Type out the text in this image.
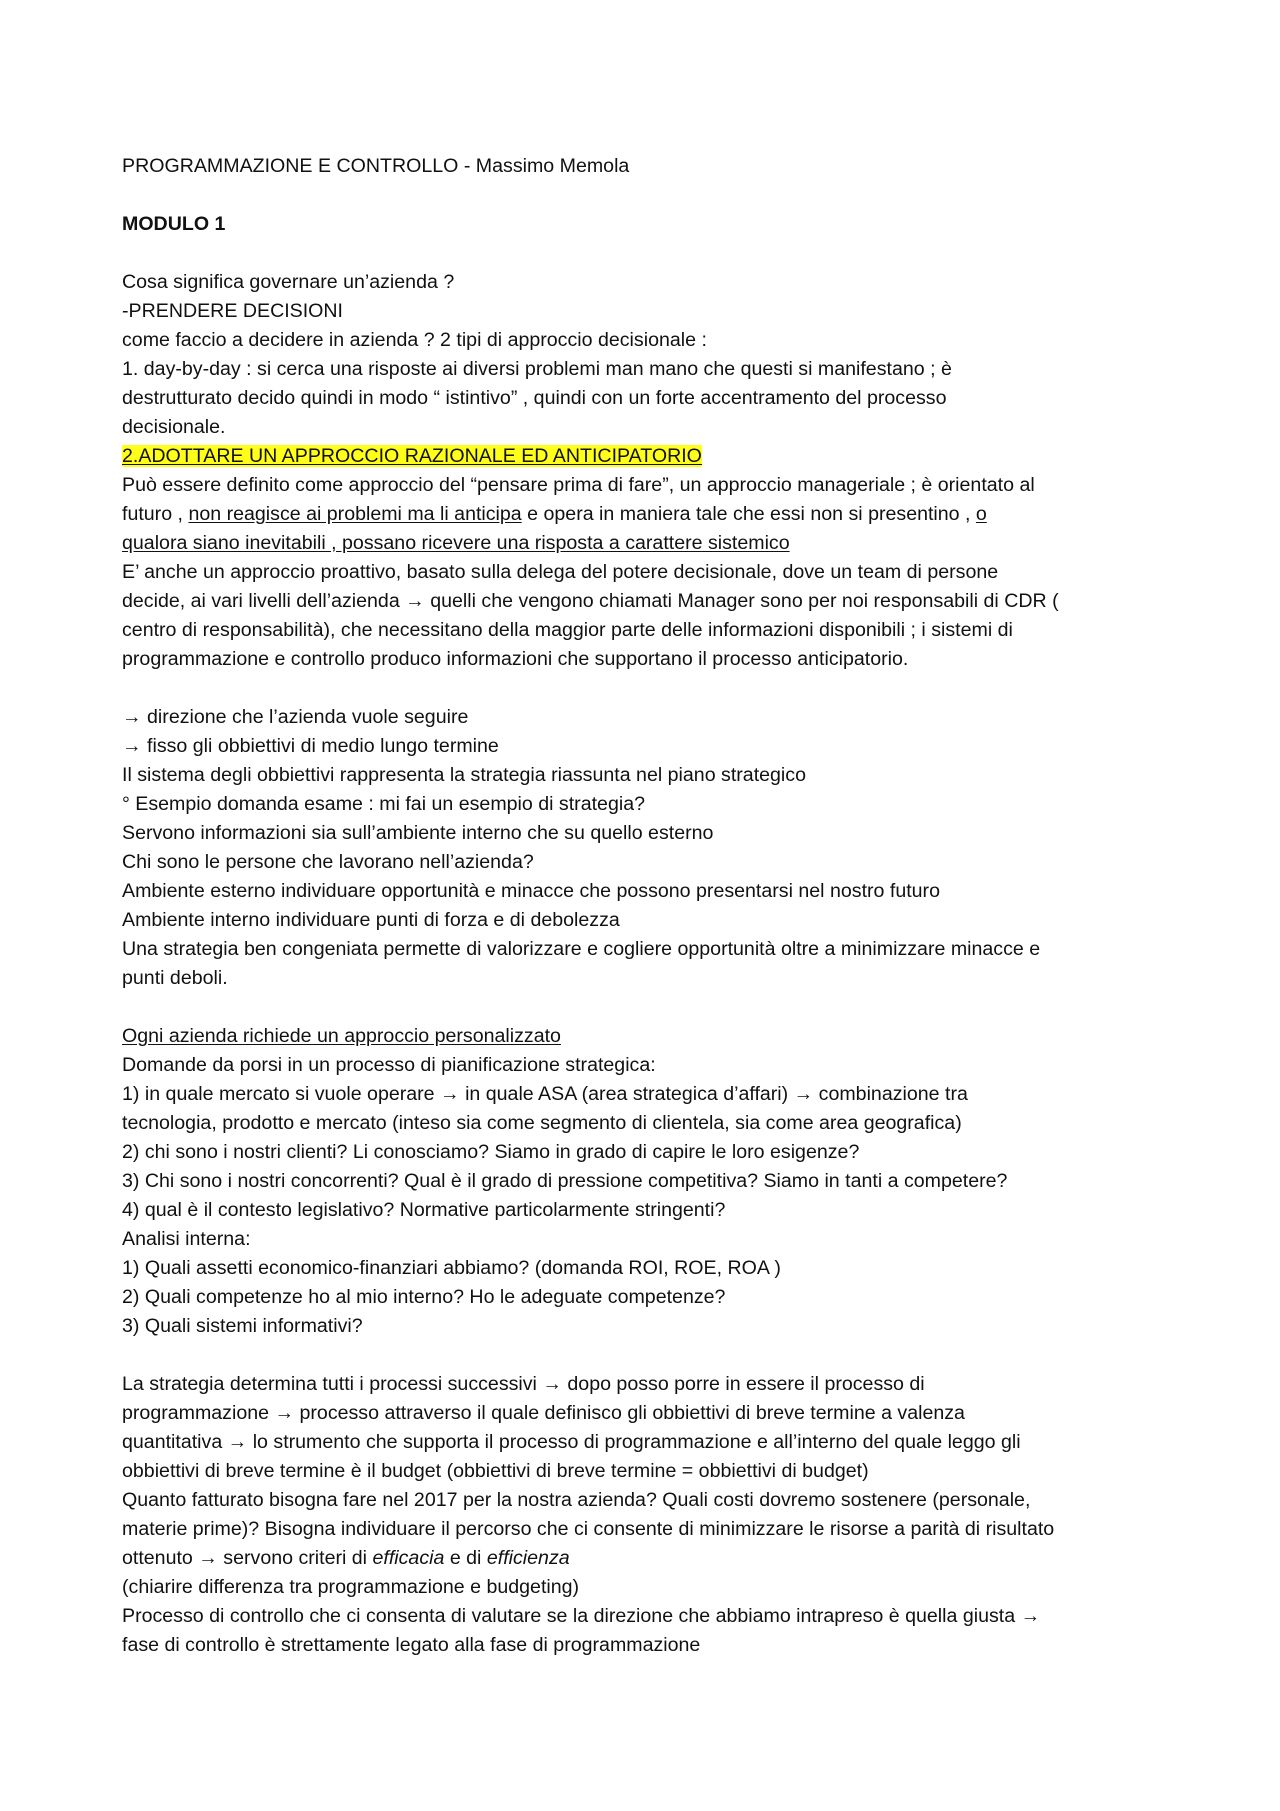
PROGRAMMAZIONE E CONTROLLO - Massimo Memola
MODULO 1
Cosa significa governare un’azienda ?
-PRENDERE DECISIONI
come faccio a decidere in azienda ? 2 tipi di approccio decisionale :
1. day-by-day : si cerca una risposte ai diversi problemi man mano che questi si manifestano ; è
destrutturato decido quindi in modo “ istintivo” , quindi con un forte accentramento del processo
decisionale.
2.ADOTTARE UN APPROCCIO RAZIONALE ED ANTICIPATORIO
Può essere definito come approccio del “pensare prima di fare”, un approccio manageriale ; è orientato al
futuro , non reagisce ai problemi ma li anticipa e opera in maniera tale che essi non si presentino , o
qualora siano inevitabili , possano ricevere una risposta a carattere sistemico
E’ anche un approccio proattivo, basato sulla delega del potere decisionale, dove un team di persone
decide, ai vari livelli dell’azienda → quelli che vengono chiamati Manager sono per noi responsabili di CDR (
centro di responsabilità), che necessitano della maggior parte delle informazioni disponibili ; i sistemi di
programmazione e controllo produco informazioni che supportano il processo anticipatorio.
→ direzione che l’azienda vuole seguire
→ fisso gli obbiettivi di medio lungo termine
Il sistema degli obbiettivi rappresenta la strategia riassunta nel piano strategico
° Esempio domanda esame : mi fai un esempio di strategia?
Servono informazioni sia sull’ambiente interno che su quello esterno
Chi sono le persone che lavorano nell’azienda?
Ambiente esterno individuare opportunità e minacce che possono presentarsi nel nostro futuro
Ambiente interno individuare punti di forza e di debolezza
Una strategia ben congeniata permette di valorizzare e cogliere opportunità oltre a minimizzare minacce e
punti deboli.
Ogni azienda richiede un approccio personalizzato
Domande da porsi in un processo di pianificazione strategica:
1) in quale mercato si vuole operare → in quale ASA (area strategica d’affari) → combinazione tra
tecnologia, prodotto e mercato (inteso sia come segmento di clientela, sia come area geografica)
2) chi sono i nostri clienti? Li conosciamo? Siamo in grado di capire le loro esigenze?
3) Chi sono i nostri concorrenti? Qual è il grado di pressione competitiva? Siamo in tanti a competere?
4) qual è il contesto legislativo? Normative particolarmente stringenti?
Analisi interna:
1) Quali assetti economico-finanziari abbiamo? (domanda ROI, ROE, ROA )
2) Quali competenze ho al mio interno? Ho le adeguate competenze?
3) Quali sistemi informativi?
La strategia determina tutti i processi successivi → dopo posso porre in essere il processo di
programmazione → processo attraverso il quale definisco gli obbiettivi di breve termine a valenza
quantitativa → lo strumento che supporta il processo di programmazione e all’interno del quale leggo gli
obbiettivi di breve termine è il budget (obbiettivi di breve termine = obbiettivi di budget)
Quanto fatturato bisogna fare nel 2017 per la nostra azienda? Quali costi dovremo sostenere (personale,
materie prime)? Bisogna individuare il percorso che ci consente di minimizzare le risorse a parità di risultato
ottenuto → servono criteri di efficacia e di efficienza
(chiarire differenza tra programmazione e budgeting)
Processo di controllo che ci consenta di valutare se la direzione che abbiamo intrapreso è quella giusta →
fase di controllo è strettamente legato alla fase di programmazione
